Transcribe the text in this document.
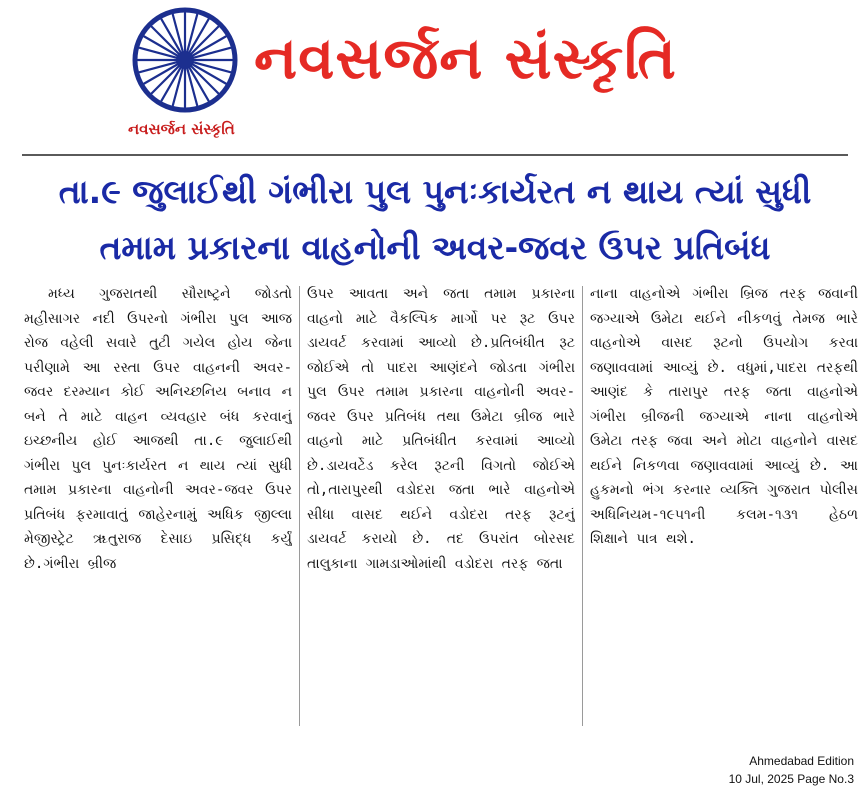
નવસર્જન સંસ્કૃતિ
નવસર્જન સંસ્કૃતિ
તા.૯ જુલાઈથી ગંભીરા પુલ પુનઃકાર્યરત ન થાય ત્યાં સુધી
તમામ પ્રકારના વાહનોની અવર-જવર ઉપર પ્રતિબંધ

મધ્ય ગુજરાતથી સૌરાષ્ટ્રને જોડતો મહીસાગર નદી ઉપરનો ગંભીરા પુલ આજ રોજ વહેલી સવારે તુટી ગયેલ હોય જેના પરીણામે આ રસ્તા ઉપર વાહનની અવર-જવર દરમ્યાન કોઈ અનિચ્છનિય બનાવ ન બને તે માટે વાહન વ્યવહાર બંધ કરવાનું ઇચ્છનીય હોઈ આજથી તા.૯ જુલાઈથી ગંભીરા પુલ પુનઃકાર્યરત ન થાય ત્યાં સુધી તમામ પ્રકારના વાહનોની અવર-જવર ઉપર પ્રતિબંધ ફરમાવાતું જાહેરનામું અધિક જીલ્લા મેજીસ્ટ્રેટ ૠતુરાજ દેસાઇ પ્રસિદ્ધ કર્યું છે.ગંભીરા બ્રીજ

ઉપર આવતા અને જતા તમામ પ્રકારના વાહનો માટે વૈકલ્પિક માર્ગો પર રૂટ ઉપર ડાયવર્ટ કરવામાં આવ્યો છે.પ્રતિબંધીત રૂટ જોઈએ તો પાદરા આણંદને જોડતા ગંભીરા પુલ ઉપર તમામ પ્રકારના વાહનોની અવર-જવર ઉપર પ્રતિબંધ તથા ઉમેટા બ્રીજ ભારે વાહનો માટે પ્રતિબંધીત કરવામાં આવ્યો છે.ડાયવર્ટેડ કરેલ રૂટની વિગતો જોઈએ તો,તારાપુરથી વડોદરા જતા ભારે વાહનોએ સીધા વાસદ થઈને વડોદરા તરફ રૂટનું ડાયવર્ટ કરાયો છે. તદ ઉપરાંત બોરસદ તાલુકાના ગામડાઓમાંથી વડોદરા તરફ જતા

નાના વાહનોએ ગંભીરા બ્રિજ તરફ જવાની જગ્યાએ ઉમેટા થઈને નીકળવું તેમજ ભારે વાહનોએ વાસદ રૂટનો ઉપયોગ કરવા જણાવવામાં આવ્યું છે. વધુમાં,પાદરા તરફથી આણંદ કે તારાપુર તરફ જતા વાહનોએ ગંભીરા બ્રીજની જગ્યાએ નાના વાહનોએ ઉમેટા તરફ જવા અને મોટા વાહનોને વાસદ થઈને નિકળવા જણાવવામાં આવ્યું છે. આ હુકમનો ભંગ કરનાર વ્યક્તિ ગુજરાત પોલીસ અધિનિયમ-૧૯૫૧ની કલમ-૧૩૧ હેઠળ શિક્ષાને પાત્ર થશે.

Ahmedabad Edition
10 Jul, 2025 Page No.3
